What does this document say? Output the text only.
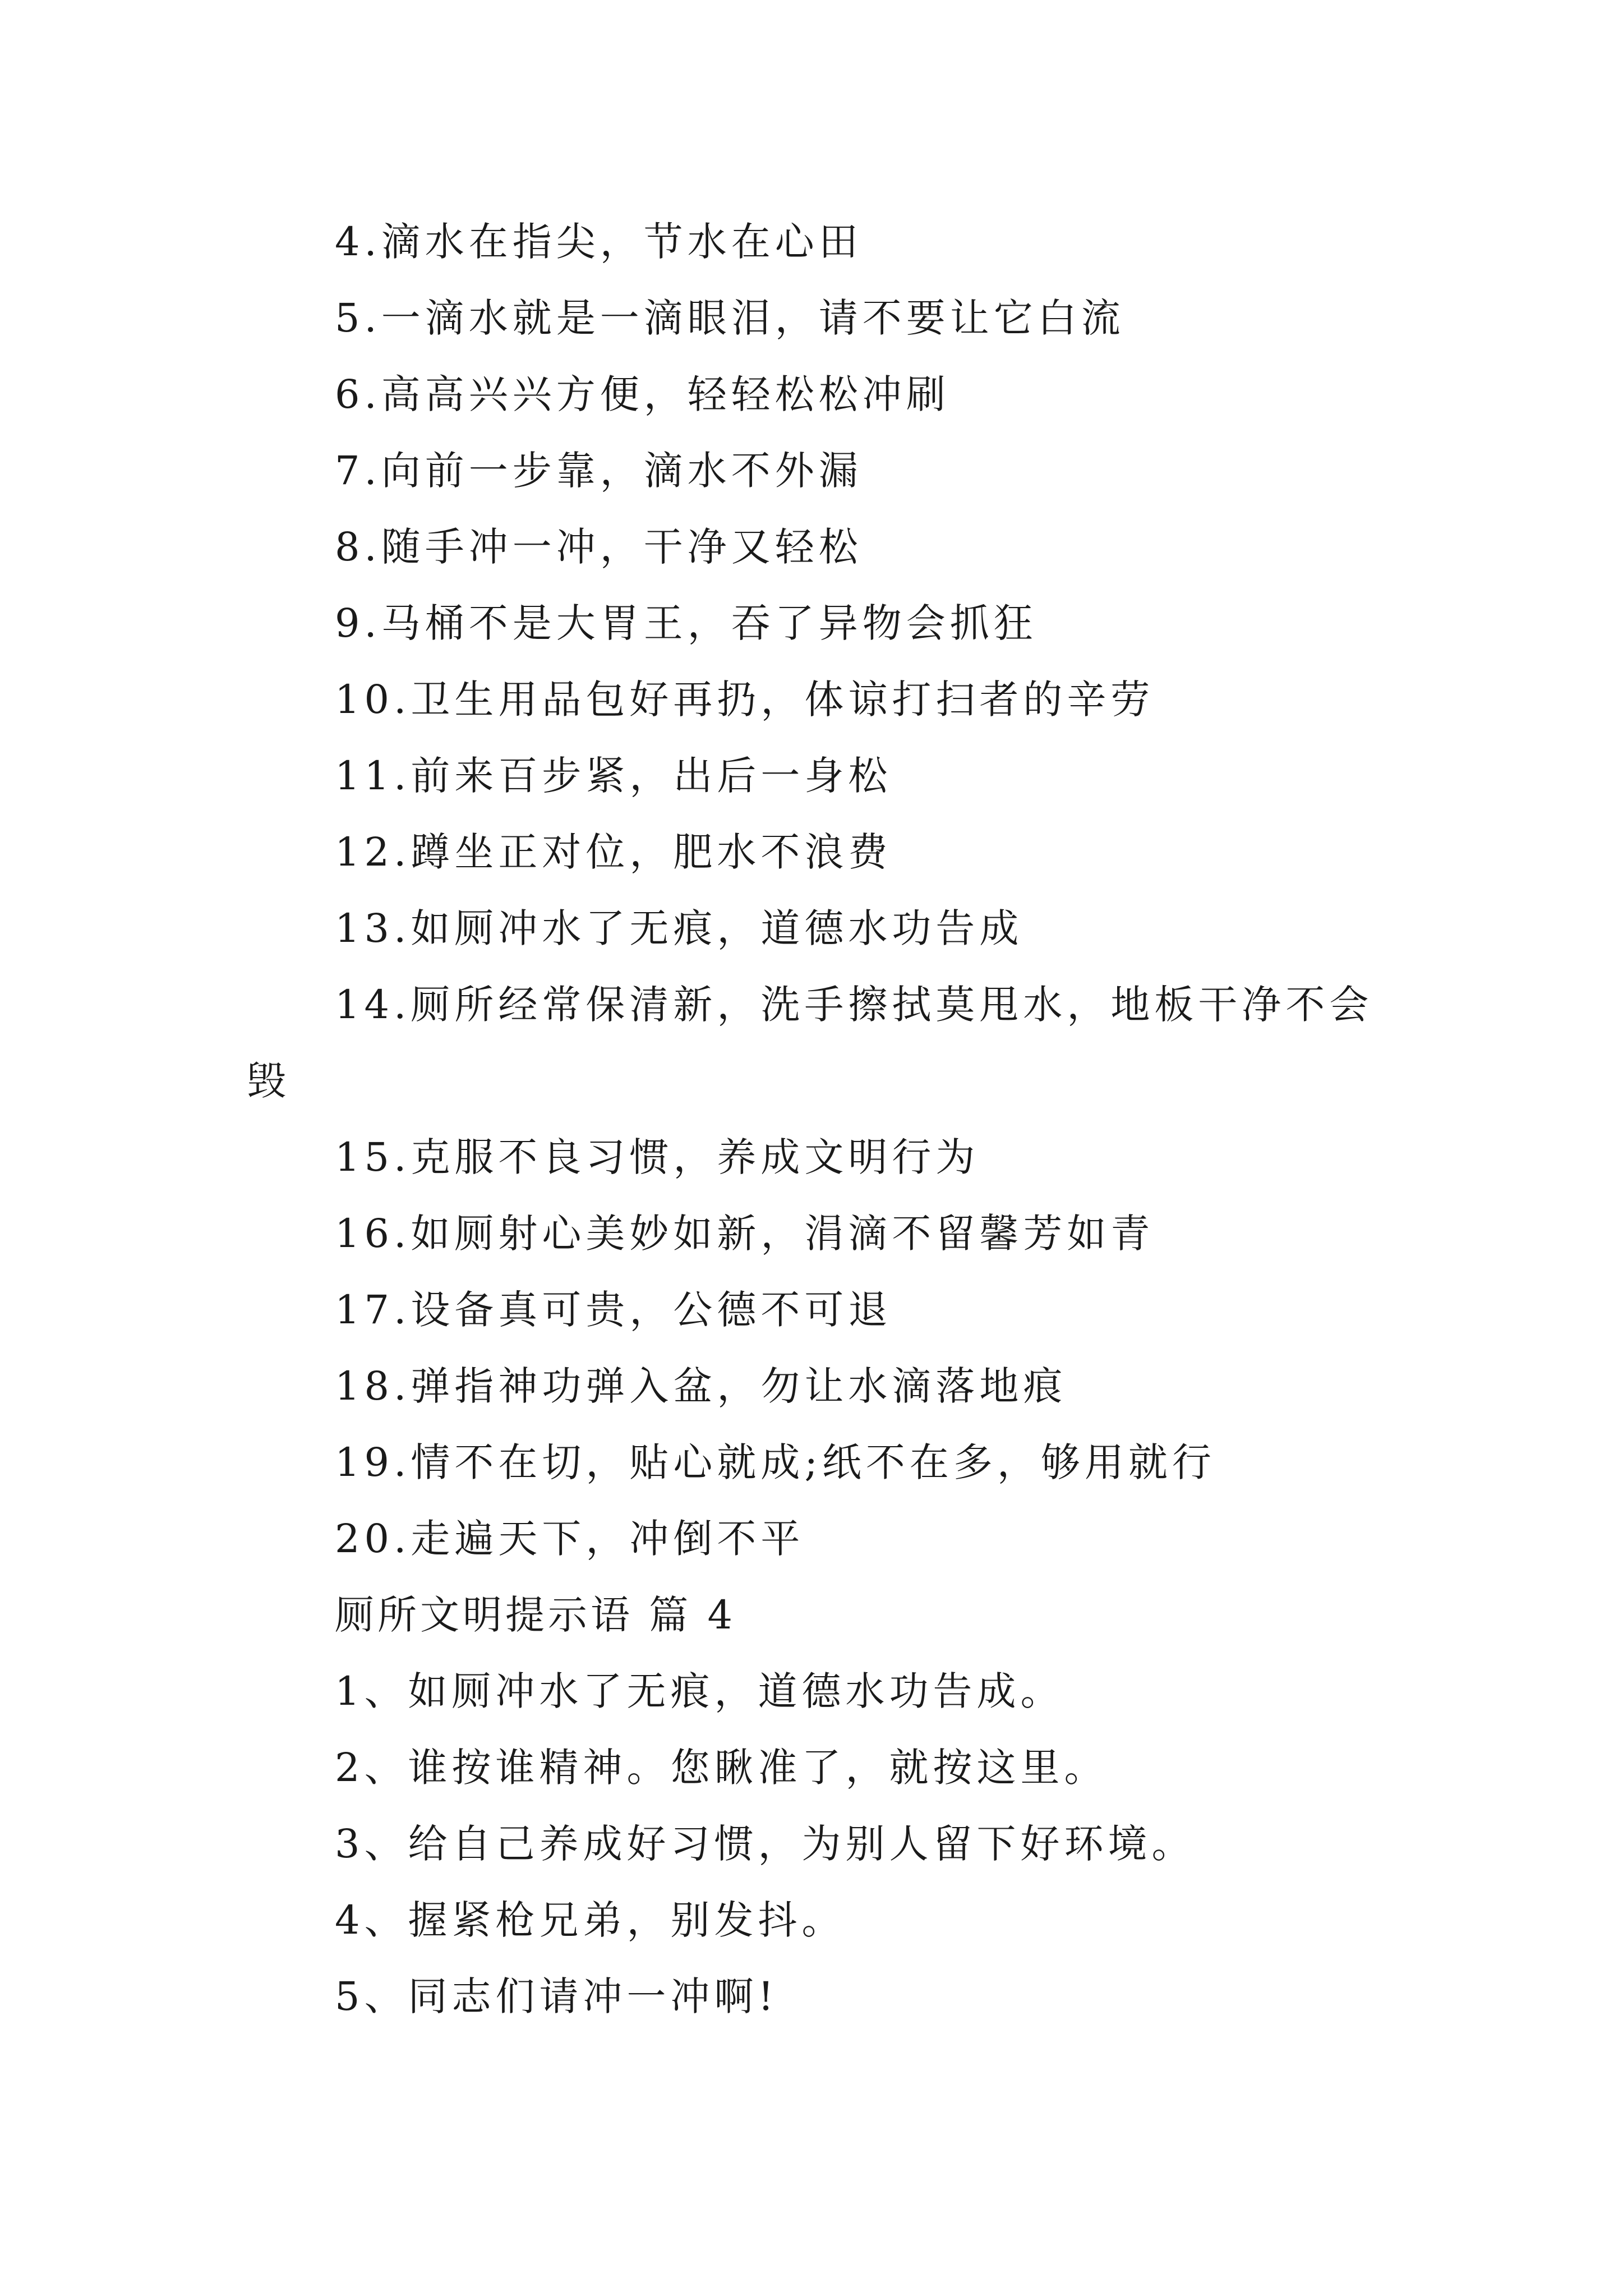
4.滴水在指尖，节水在心田
5.一滴水就是一滴眼泪，请不要让它白流
6.高高兴兴方便，轻轻松松冲刷
7.向前一步靠，滴水不外漏
8.随手冲一冲，干净又轻松
9.马桶不是大胃王，吞了异物会抓狂
10.卫生用品包好再扔，体谅打扫者的辛劳
11.前来百步紧，出后一身松
12.蹲坐正对位，肥水不浪费
13.如厕冲水了无痕，道德水功告成
14.厕所经常保清新，洗手擦拭莫甩水，地板干净不会
毁
15.克服不良习惯，养成文明行为
16.如厕射心美妙如新，涓滴不留馨芳如青
17.设备真可贵，公德不可退
18.弹指神功弹入盆，勿让水滴落地痕
19.情不在切，贴心就成;纸不在多，够用就行
20.走遍天下，冲倒不平
厕所文明提示语 篇 4
1、如厕冲水了无痕，道德水功告成。
2、谁按谁精神。您瞅准了，就按这里。
3、给自己养成好习惯，为别人留下好环境。
4、握紧枪兄弟，别发抖。
5、同志们请冲一冲啊!
